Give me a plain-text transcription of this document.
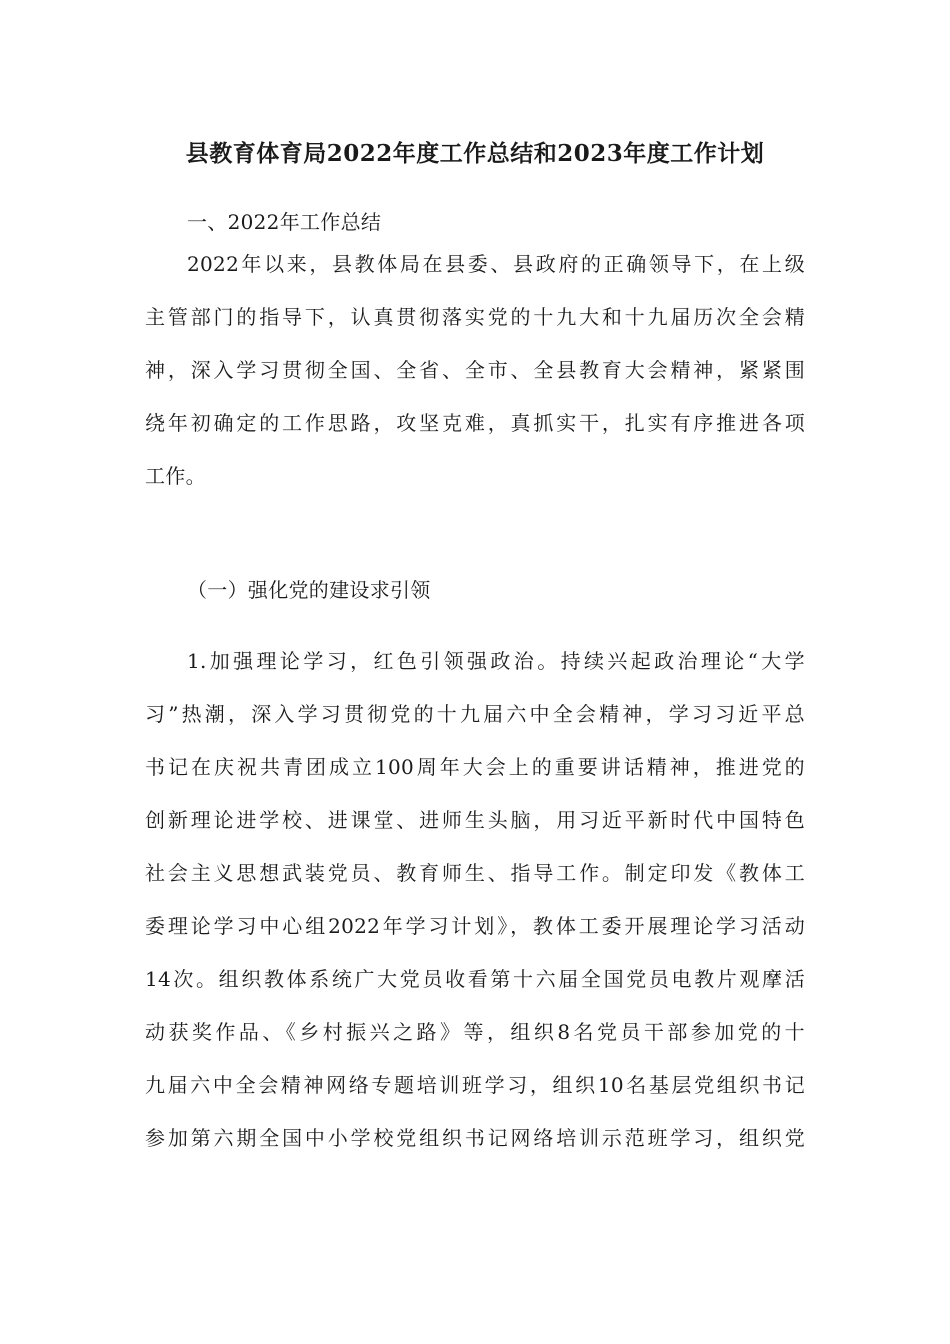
县教育体育局2022年度工作总结和2023年度工作计划
一、2022年工作总结
2022年以来，县教体局在县委、县政府的正确领导下，在上级
主管部门的指导下，认真贯彻落实党的十九大和十九届历次全会精
神，深入学习贯彻全国、全省、全市、全县教育大会精神，紧紧围
绕年初确定的工作思路，攻坚克难，真抓实干，扎实有序推进各项
工作。
（一）强化党的建设求引领
1.加强理论学习，红色引领强政治。持续兴起政治理论“大学
习”热潮，深入学习贯彻党的十九届六中全会精神，学习习近平总
书记在庆祝共青团成立100周年大会上的重要讲话精神，推进党的
创新理论进学校、进课堂、进师生头脑，用习近平新时代中国特色
社会主义思想武装党员、教育师生、指导工作。制定印发《教体工
委理论学习中心组2022年学习计划》，教体工委开展理论学习活动
14次。组织教体系统广大党员收看第十六届全国党员电教片观摩活
动获奖作品、《乡村振兴之路》等，组织8名党员干部参加党的十
九届六中全会精神网络专题培训班学习，组织10名基层党组织书记
参加第六期全国中小学校党组织书记网络培训示范班学习，组织党
